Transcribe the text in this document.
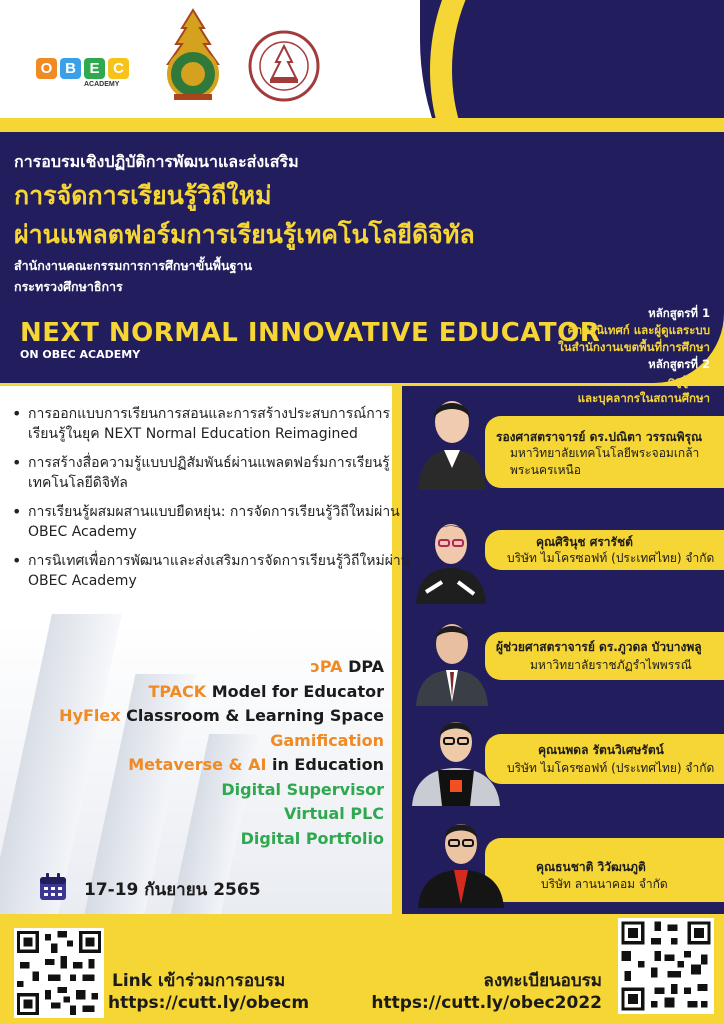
O B E C
ACADEMY
การอบรมเชิงปฏิบัติการพัฒนาและส่งเสริม
การจัดการเรียนรู้วิถีใหม่
ผ่านแพลตฟอร์มการเรียนรู้เทคโนโลยีดิจิทัล
สำนักงานคณะกรรมการการศึกษาขั้นพื้นฐาน
กระทรวงศึกษาธิการ
NEXT NORMAL INNOVATIVE EDUCATOR
ON OBEC ACADEMY
หลักสูตรที่ 1
ศึกษานิเทศก์ และผู้ดูแลระบบ
ในสำนักงานเขตพื้นที่การศึกษา
หลักสูตรที่ 2
ครูผู้สอน
และบุคลากรในสถานศึกษา
• การออกแบบการเรียนการสอนและการสร้างประสบการณ์การเรียนรู้ในยุค NEXT Normal Education Reimagined
• การสร้างสื่อความรู้แบบปฏิสัมพันธ์ผ่านแพลตฟอร์มการเรียนรู้เทคโนโลยีดิจิทัล
• การเรียนรู้ผสมผสานแบบยืดหยุ่น: การจัดการเรียนรู้วิถีใหม่ผ่าน OBEC Academy
• การนิเทศเพื่อการพัฒนาและส่งเสริมการจัดการเรียนรู้วิถีใหม่ผ่าน OBEC Academy
ᴐPA DPA
TPACK Model for Educator
HyFlex Classroom & Learning Space
Gamification
Metaverse & AI in Education
Digital Supervisor
Virtual PLC
Digital Portfolio
17-19 กันยายน 2565
รองศาสตราจารย์ ดร.ปณิตา วรรณพิรุณ
มหาวิทยาลัยเทคโนโลยีพระจอมเกล้า
พระนครเหนือ
คุณศิรินุช ศรารัชต์
บริษัท ไมโครซอฟท์ (ประเทศไทย) จำกัด
ผู้ช่วยศาสตราจารย์ ดร.ภูวดล บัวบางพลู
มหาวิทยาลัยราชภัฏรำไพพรรณี
คุณนพดล รัตนวิเศษรัตน์
บริษัท ไมโครซอฟท์ (ประเทศไทย) จำกัด
คุณธนชาติ วิวัฒนภูติ
บริษัท ลานนาคอม จำกัด
Link เข้าร่วมการอบรม
https://cutt.ly/obecm
ลงทะเบียนอบรม
https://cutt.ly/obec2022
